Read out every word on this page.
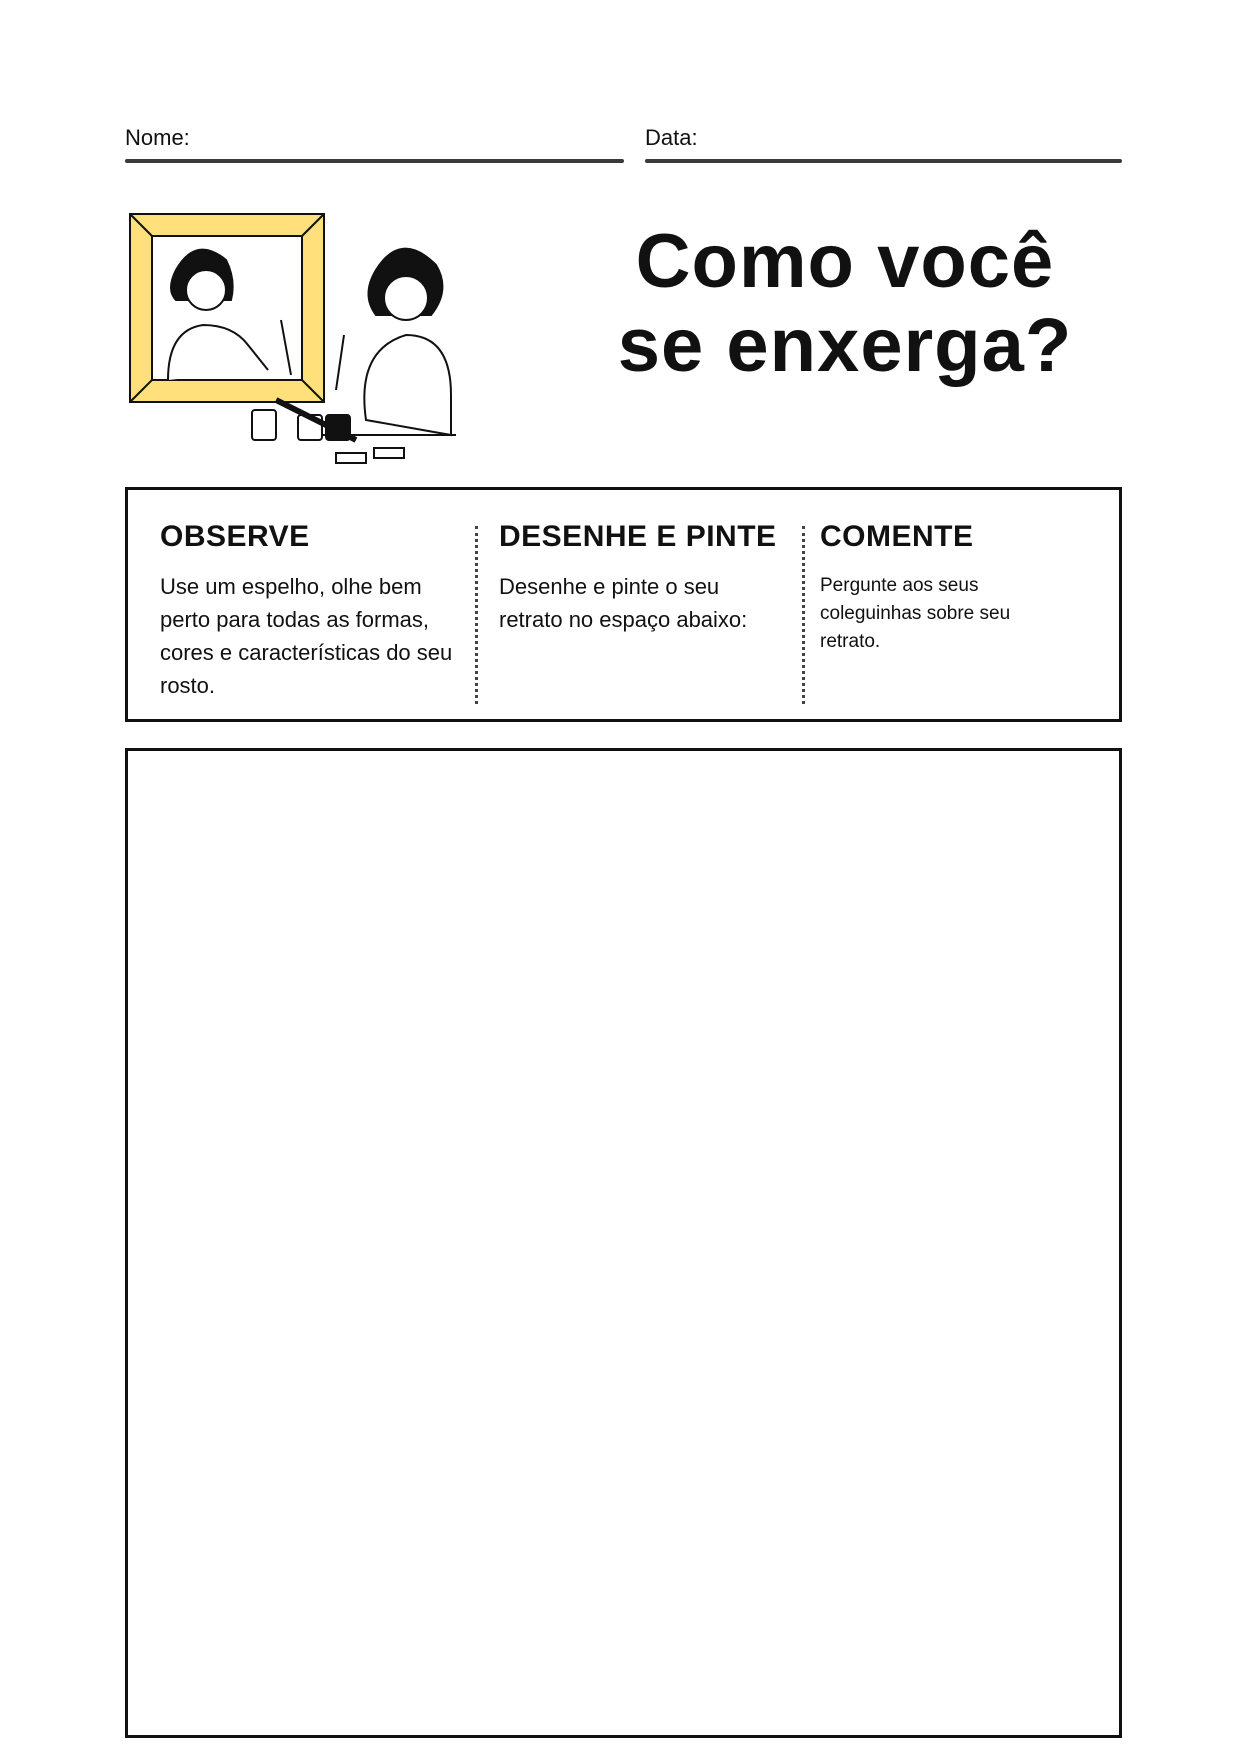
Nome:	Data:
Como você
se enxerga?
OBSERVE

Use um espelho, olhe bem perto para todas as formas, cores e características do seu rosto.

DESENHE E PINTE

Desenhe e pinte o seu retrato no espaço abaixo:

COMENTE

Pergunte aos seus coleguinhas sobre seu retrato.
